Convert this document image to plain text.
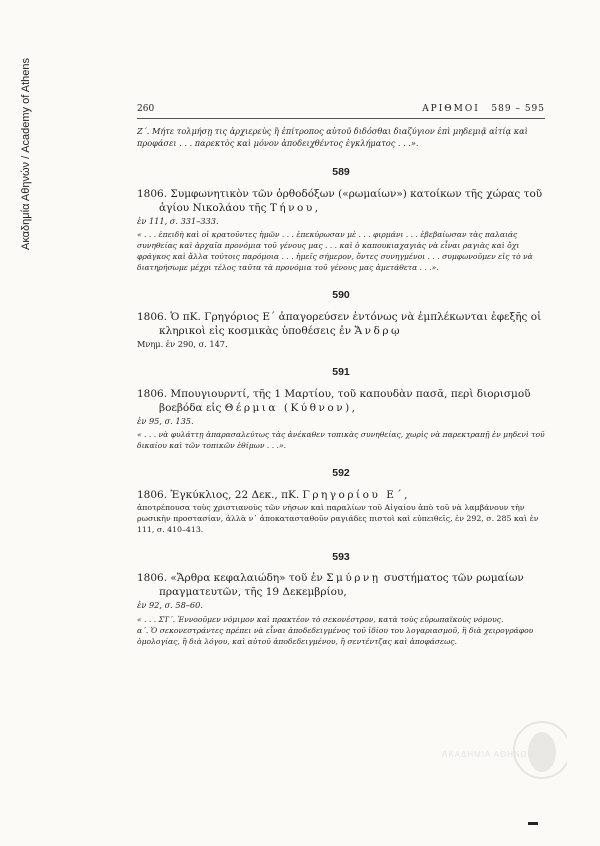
Ακαδημία Αθηνών / Academy of Athens	260	ΑΡΙΘΜΟΙ 589 – 595
Ζ΄. Μήτε τολμήσῃ τις ἀρχιερεὺς ἢ ἐπίτροπος αὐτοῦ διδόσθαι διαζύγιον ἐπὶ μηδεμιᾷ αἰτίᾳ καὶ προφάσει . . . παρεκτὸς καὶ μόνον ἀποδειχθέντος ἐγκλήματος . . .».
589
1806. Συμφωνητικὸν τῶν ὀρθοδόξων («ρωμαίων») κατοίκων τῆς χώρας τοῦ ἁγίου Νικολάου τῆς Τήνου,
ἐν 111, σ. 331–333.
« . . . ἐπειδὴ καὶ οἱ κρατοῦντες ἡμῶν . . . ἐπεκύρωσαν μὲ . . . φιρμάνι . . . ἐβεβαίωσαν τὰς παλαιάς συνηθείας καὶ ἀρχαῖα προνόμια τοῦ γένους μας . . . καὶ ὁ καπουκιαχαγιὰς νὰ εἶναι ραγιὰς καὶ ὄχι φράγκος καὶ ἄλλα τούτοις παρόμοια . . . ἡμεῖς σήμερον, ὄντες συνηγμένοι . . . συμφωνοῦμεν εἰς τὸ νὰ διατηρήσωμε μέχρι τέλος ταῦτα τὰ προνόμια τοῦ γένους μας ἀμετάθετα . . .».
590
1806. Ὁ πΚ. Γρηγόριος Ε΄ ἀπαγορεύσεν ἐντόνως νὰ ἐμπλέκωνται ἐφεξῆς οἱ κληρικοὶ εἰς κοσμικὰς ὑποθέσεις ἐν Ἄνδρῳ
Μνημ. ἐν 290, σ. 147.
591
1806. Μπουγιουρντί, τῆς 1 Μαρτίου, τοῦ καπουδὰν πασᾶ, περὶ διορισμοῦ βοεβόδα εἰς Θέρμια (Κύθνον),
ἐν 95, σ. 135.
« . . . νὰ φυλάττῃ ἀπαρασαλεύτως τὰς ἀνέκαθεν τοπικὰς συνηθείας, χωρὶς νὰ παρεκτραπῇ ἐν μηδενὶ τοῦ δικαίου καὶ τῶν τοπικῶν ἐθίμων . . .».
592
1806. Ἐγκύκλιος, 22 Δεκ., πΚ. Γρηγορίου Ε΄,
ἀποτρέπουσα τοὺς χριστιανοὺς τῶν νήσων καὶ παραλίων τοῦ Αἰγαίου ἀπὸ τοῦ νὰ λαμβάνουν τὴν ρωσικὴν προστασίαν, ἀλλὰ ν᾽ ἀποκατασταθοῦν ραγιάδες πιστοὶ καὶ εὐπειθεῖς, ἐν 292, σ. 285 καὶ ἐν 111, σ. 410–413.
593
1806. «Ἄρθρα κεφαλαιώδη» τοῦ ἐν Σμύρνῃ συστήματος τῶν ρωμαίων πραγματευτῶν, τῆς 19 Δεκεμβρίου,
ἐν 92, σ. 58–60.
« . . . ΣΤ΄. Ἐννοοῦμεν νόμιμον καὶ πρακτέον τὸ σεκονέστρον, κατὰ τοὺς εὐρωπαϊκοὺς νόμους.
α΄. Ὁ σεκονεστράντες πρέπει νὰ εἶναι ἀποδεδειγμένος τοῦ ἰδίου του λογαριασμοῦ, ἢ διὰ χειρογράφου ὁμολογίας, ἢ διὰ λόγου, καὶ αὐτοῦ ἀποδεδειγμένου, ἢ σεντέντζας καὶ ἀποφάσεως.
ΑΚΑΔΗΜΙΑ ΑΘΗΝΩΝ
